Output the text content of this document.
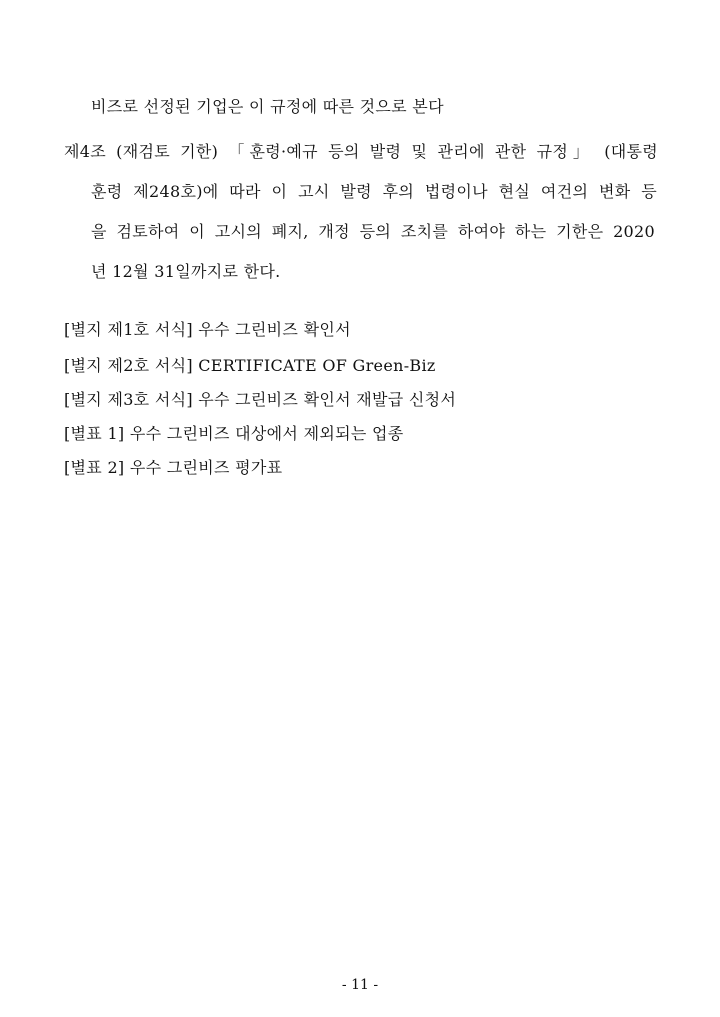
비즈로 선정된 기업은 이 규정에 따른 것으로 본다
제4조 (재검토 기한) 「훈령·예규 등의 발령 및 관리에 관한 규정」 (대통령
훈령 제248호)에 따라 이 고시 발령 후의 법령이나 현실 여건의 변화 등
을 검토하여 이 고시의 폐지, 개정 등의 조치를 하여야 하는 기한은 2020
년 12월 31일까지로 한다.
[별지 제1호 서식] 우수 그린비즈 확인서
[별지 제2호 서식] CERTIFICATE OF Green-Biz
[별지 제3호 서식] 우수 그린비즈 확인서 재발급 신청서
[별표 1] 우수 그린비즈 대상에서 제외되는 업종
[별표 2] 우수 그린비즈 평가표
- 11 -
